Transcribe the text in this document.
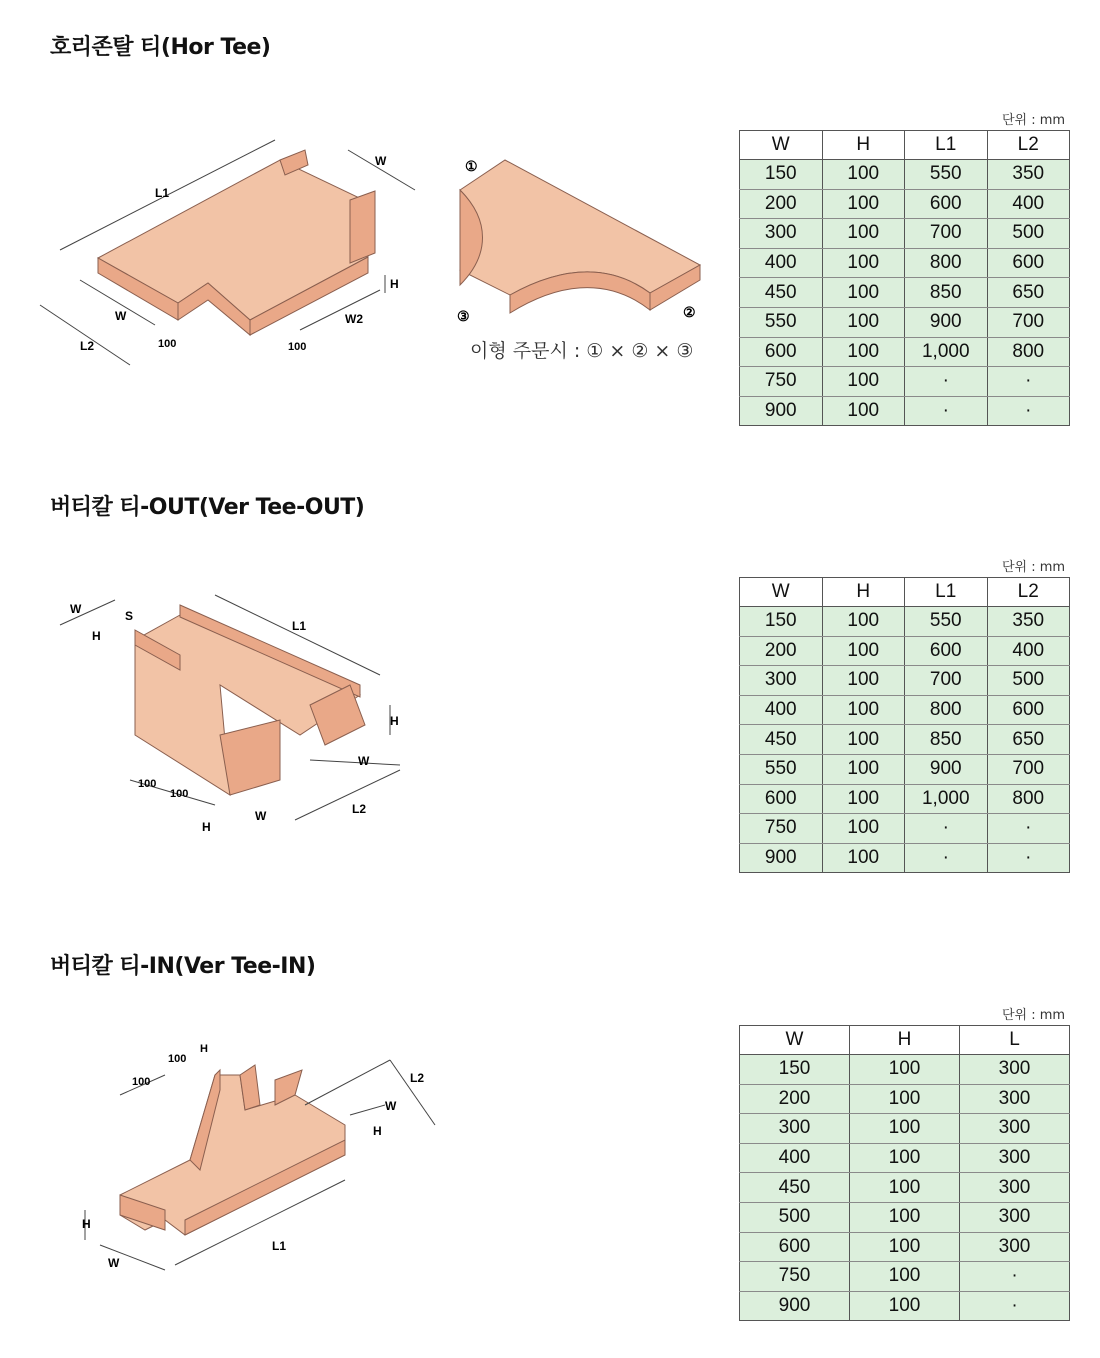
호리존탈 티(Hor Tee)
단위 : mm
W	H	L1	L2
150	100	550	350
200	100	600	400
300	100	700	500
400	100	800	600
450	100	850	650
550	100	900	700
600	100	1,000	800
750	100	·	·
900	100	·	·
L1
W
W
L2
H
W2
100	100
①
②
③
이형 주문시 : ① × ② × ③
버티칼 티-OUT(Ver Tee-OUT)
단위 : mm
W	H	L1	L2
150	100	550	350
200	100	600	400
300	100	700	500
400	100	800	600
450	100	850	650
550	100	900	700
600	100	1,000	800
750	100	·	·
900	100	·	·
W	S
H
L1
H
W
L2
100
100
H
W
버티칼 티-IN(Ver Tee-IN)
단위 : mm
W	H	L
150	100	300
200	100	300
300	100	300
400	100	300
450	100	300
500	100	300
600	100	300
750	100	·
900	100	·
100
100
H
L2
W
H
H
W
L1
